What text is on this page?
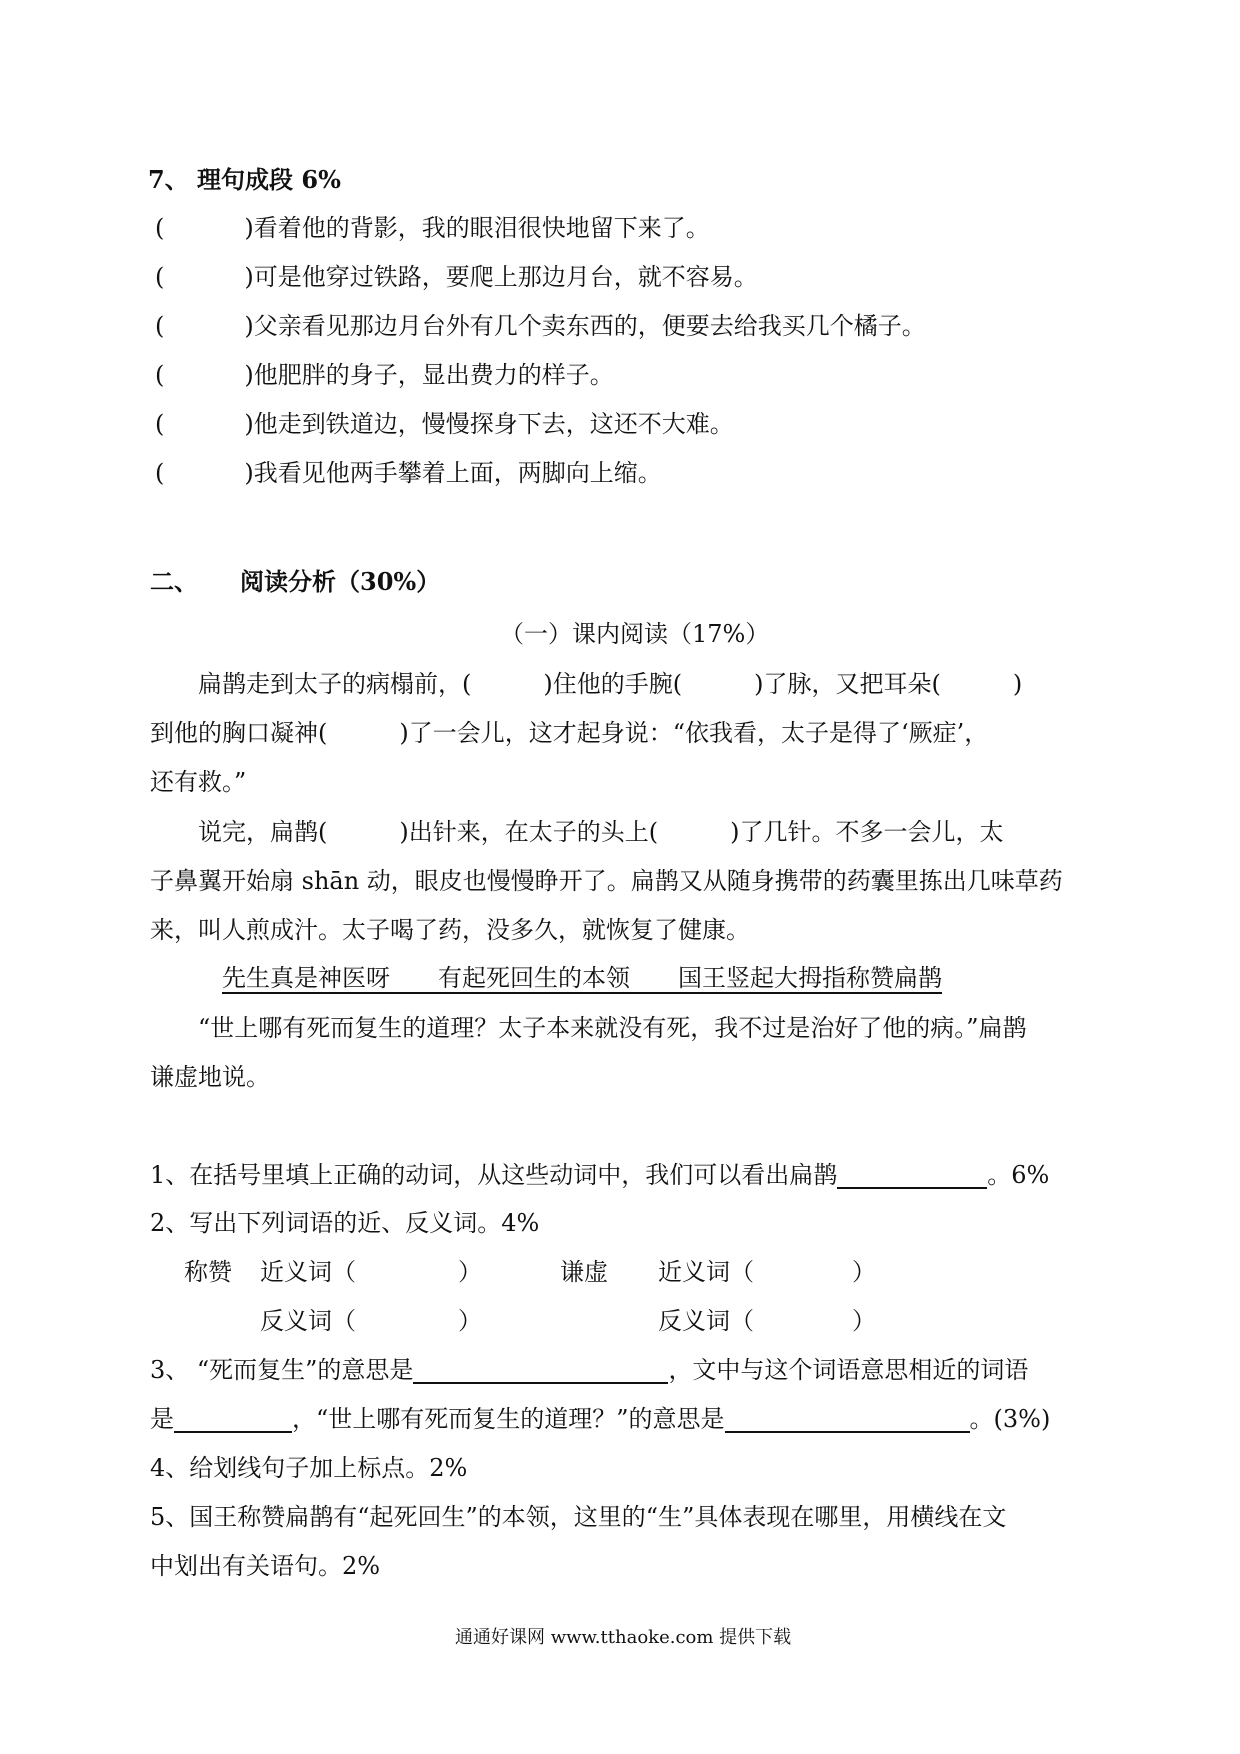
7、 理句成段 6%
(	)看着他的背影，我的眼泪很快地留下来了。
(	)可是他穿过铁路，要爬上那边月台，就不容易。
(	)父亲看见那边月台外有几个卖东西的，便要去给我买几个橘子。
(	)他肥胖的身子，显出费力的样子。
(	)他走到铁道边，慢慢探身下去，这还不大难。
(	)我看见他两手攀着上面，两脚向上缩。
二、 阅读分析（30%）
（一）课内阅读（17%）
扁鹊走到太子的病榻前，(　　　)住他的手腕(　　　)了脉，又把耳朵(　　　)
到他的胸口凝神(　　　)了一会儿，这才起身说：“依我看，太子是得了‘厥症’，
还有救。”
说完，扁鹊(　　　)出针来，在太子的头上(　　　)了几针。不多一会儿，太
子鼻翼开始扇 shān 动，眼皮也慢慢睁开了。扁鹊又从随身携带的药囊里拣出几味草药
来，叫人煎成汁。太子喝了药，没多久，就恢复了健康。
先生真是神医呀　　有起死回生的本领　　国王竖起大拇指称赞扁鹊
“世上哪有死而复生的道理？太子本来就没有死，我不过是治好了他的病。”扁鹊
谦虚地说。
1、在括号里填上正确的动词，从这些动词中，我们可以看出扁鹊	。6%
2、写出下列词语的近、反义词。4%
称赞 近义词（	）	谦虚 近义词（	）
反义词（	）	反义词（	）
3、 “死而复生”的意思是	，文中与这个词语意思相近的词语
是	，“世上哪有死而复生的道理？”的意思是	。(3%)
4、给划线句子加上标点。2%
5、国王称赞扁鹊有“起死回生”的本领，这里的“生”具体表现在哪里，用横线在文
中划出有关语句。2%
通通好课网 www.tthaoke.com 提供下载
